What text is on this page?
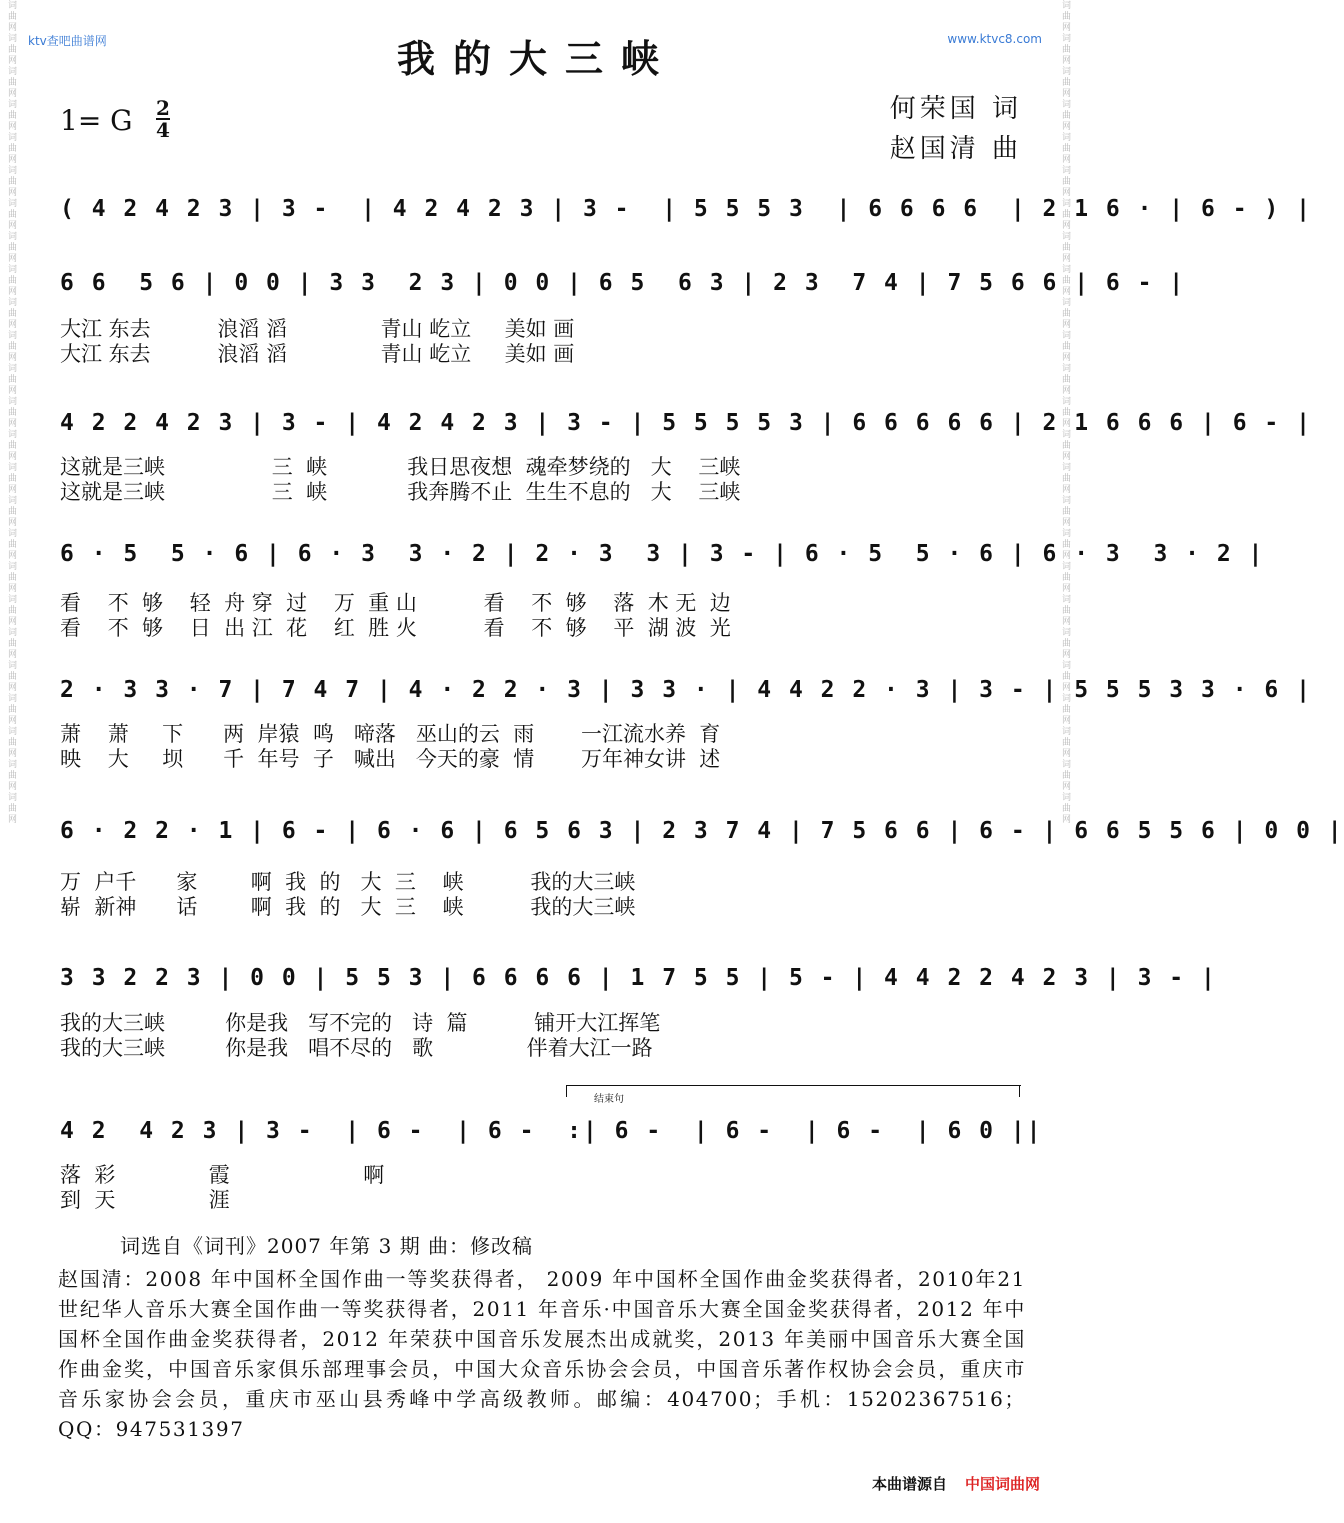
ktv查吧曲谱网	www.ktvc8.com
词曲网词曲网词曲网词曲网词曲网词曲网词曲网词曲网词曲网词曲网词曲网词曲网词曲网词曲网词曲网词曲网词曲网词曲网词曲网词曲网词曲网词曲网词曲网词曲网词曲网	词曲网词曲网词曲网词曲网词曲网词曲网词曲网词曲网词曲网词曲网词曲网词曲网词曲网词曲网词曲网词曲网词曲网词曲网词曲网词曲网词曲网词曲网词曲网词曲网词曲网
我的大三峡
1= G 2
4
何荣国 词
赵国清 曲
( 4 2 4 2 3 | 3 -  | 4 2 4 2 3 | 3 -  | 5 5 5 3  | 6 6 6 6  | 2 1 6 · | 6 - ) |
6 6  5 6 | 0 0 | 3 3  2 3 | 0 0 | 6 5  6 3 | 2 3  7 4 | 7 5 6 6 | 6 - |
大江 东去          浪滔 滔              青山 屹立     美如 画
大江 东去          浪滔 滔              青山 屹立     美如 画
4 2 2 4 2 3 | 3 - | 4 2 4 2 3 | 3 - | 5 5 5 5 3 | 6 6 6 6 6 | 2 1 6 6 6 | 6 - |
这就是三峡                三  峡            我日思夜想  魂牵梦绕的   大    三峡
这就是三峡                三  峡            我奔腾不止  生生不息的   大    三峡
6 · 5  5 · 6 | 6 · 3  3 · 2 | 2 · 3  3 | 3 - | 6 · 5  5 · 6 | 6 · 3  3 · 2 |
看    不  够    轻  舟 穿  过    万  重 山          看    不  够    落  木 无  边
看    不  够    日  出 江  花    红  胜 火          看    不  够    平  湖 波  光
2 · 3 3 · 7 | 7 4 7 | 4 · 2 2 · 3 | 3 3 · | 4 4 2 2 · 3 | 3 - | 5 5 5 3 3 · 6 |
萧    萧     下      两  岸猿  鸣   啼落   巫山的云  雨       一江流水养  育
映    大     坝      千  年号  子   喊出   今天的豪  情       万年神女讲  述
6 · 2 2 · 1 | 6 - | 6 · 6 | 6 5 6 3 | 2 3 7 4 | 7 5 6 6 | 6 - | 6 6 5 5 6 | 0 0 |
万  户千      家        啊  我  的   大  三    峡          我的大三峡
崭  新神      话        啊  我  的   大  三    峡          我的大三峡
3 3 2 2 3 | 0 0 | 5 5 3 | 6 6 6 6 | 1 7 5 5 | 5 - | 4 4 2 2 4 2 3 | 3 - |
我的大三峡         你是我   写不完的   诗  篇          铺开大江挥笔
我的大三峡         你是我   唱不尽的   歌              伴着大江一路
结束句
4 2  4 2 3 | 3 -  | 6 -  | 6 -  :| 6 -  | 6 -  | 6 -  | 6 0 ||
落  彩              霞                    啊
到  天              涯
词选自《词刊》2007 年第 3 期 曲：修改稿
赵国清：2008 年中国杯全国作曲一等奖获得者， 2009 年中国杯全国作曲金奖获得者，2010年21世纪华人音乐大赛全国作曲一等奖获得者，2011 年音乐·中国音乐大赛全国金奖获得者，2012 年中国杯全国作曲金奖获得者，2012 年荣获中国音乐发展杰出成就奖，2013 年美丽中国音乐大赛全国作曲金奖，中国音乐家俱乐部理事会员，中国大众音乐协会会员，中国音乐著作权协会会员，重庆市音乐家协会会员，重庆市巫山县秀峰中学高级教师。邮编：404700；手机：15202367516；QQ：947531397
本曲谱源自 中国词曲网
